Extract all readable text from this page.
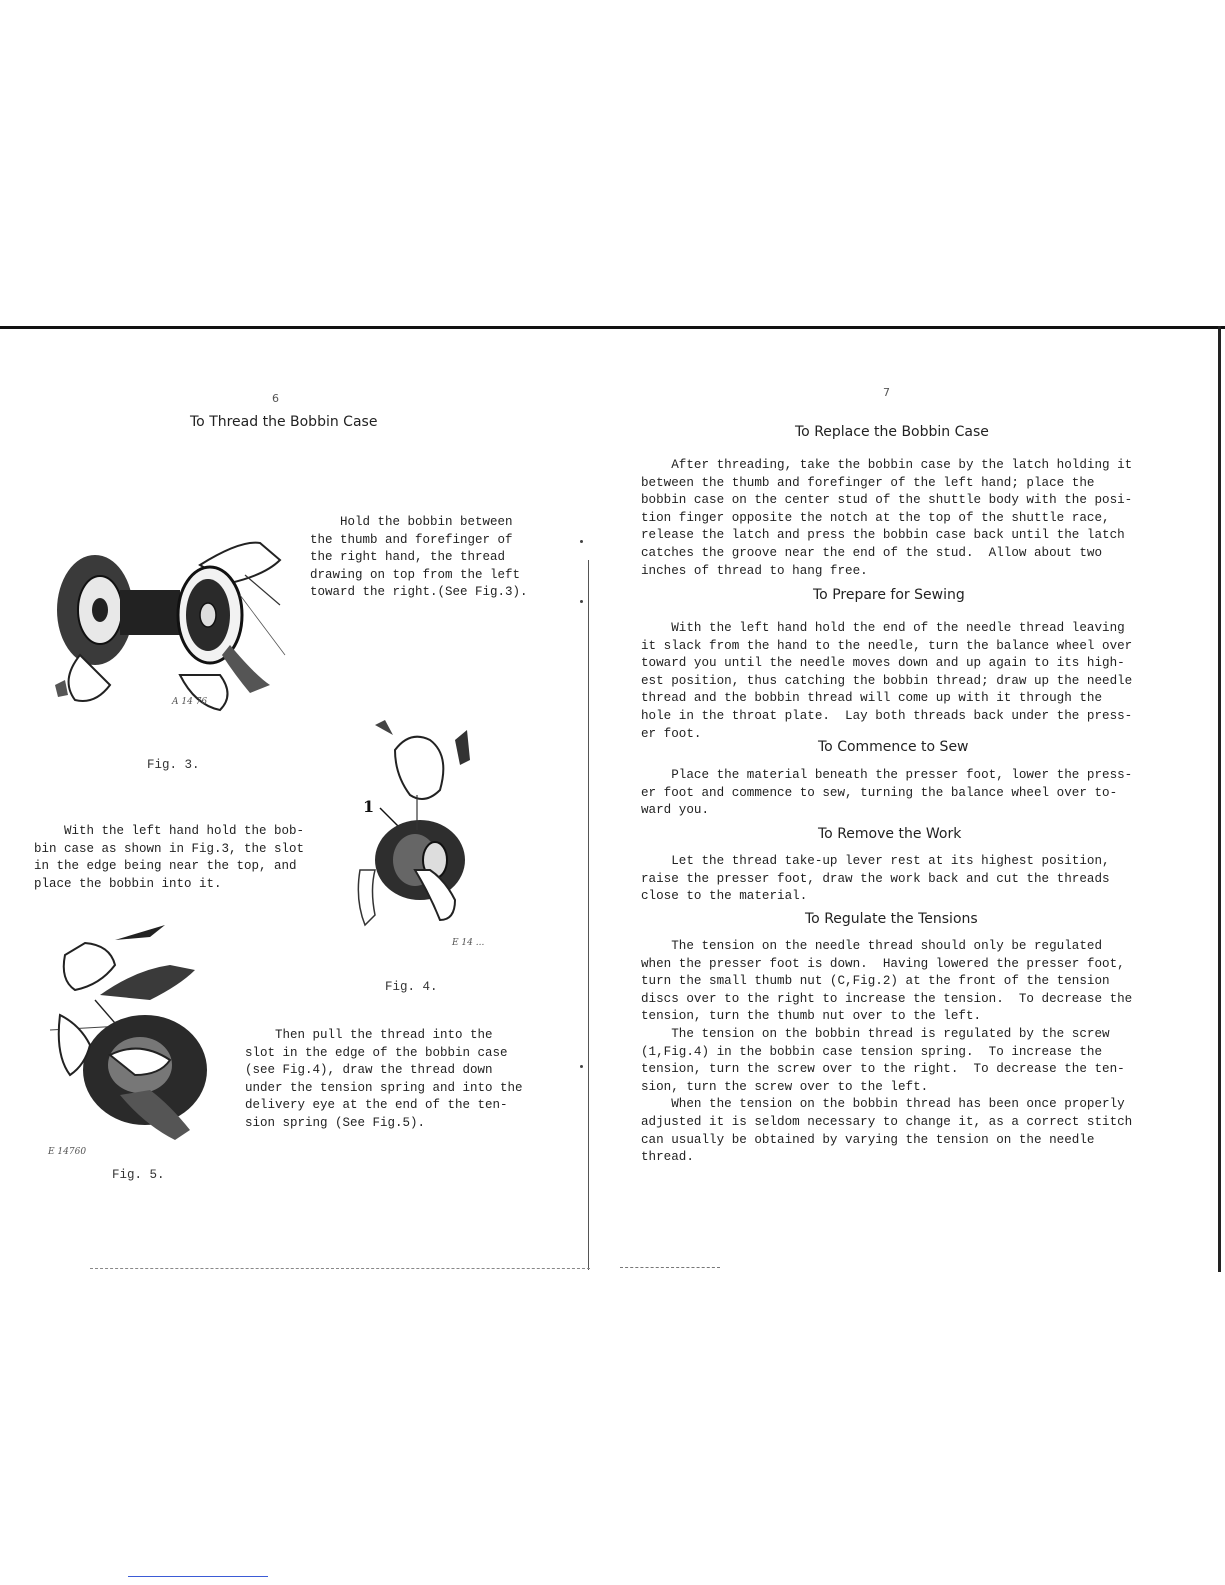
6
To Thread the Bobbin Case
Hold the bobbin between
the thumb and forefinger of
the right hand, the thread
drawing on top from the left
toward the right.(See Fig.3).
A 14 76
Fig. 3.
With the left hand hold the bob-
bin case as shown in Fig.3, the slot
in the edge being near the top, and
place the bobbin into it.
1
E 14 ...
Fig. 4.
E 14760
Fig. 5.
Then pull the thread into the
slot in the edge of the bobbin case
(see Fig.4), draw the thread down
under the tension spring and into the
delivery eye at the end of the ten-
sion spring (See Fig.5).
7
To Replace the Bobbin Case
After threading, take the bobbin case by the latch holding it
between the thumb and forefinger of the left hand; place the
bobbin case on the center stud of the shuttle body with the posi-
tion finger opposite the notch at the top of the shuttle race,
release the latch and press the bobbin case back until the latch
catches the groove near the end of the stud.  Allow about two
inches of thread to hang free.
To Prepare for Sewing
With the left hand hold the end of the needle thread leaving
it slack from the hand to the needle, turn the balance wheel over
toward you until the needle moves down and up again to its high-
est position, thus catching the bobbin thread; draw up the needle
thread and the bobbin thread will come up with it through the
hole in the throat plate.  Lay both threads back under the press-
er foot.
To Commence to Sew
Place the material beneath the presser foot, lower the press-
er foot and commence to sew, turning the balance wheel over to-
ward you.
To Remove the Work
Let the thread take-up lever rest at its highest position,
raise the presser foot, draw the work back and cut the threads
close to the material.
To Regulate the Tensions
The tension on the needle thread should only be regulated
when the presser foot is down.  Having lowered the presser foot,
turn the small thumb nut (C,Fig.2) at the front of the tension
discs over to the right to increase the tension.  To decrease the
tension, turn the thumb nut over to the left.
The tension on the bobbin thread is regulated by the screw
(1,Fig.4) in the bobbin case tension spring.  To increase the
tension, turn the screw over to the right.  To decrease the ten-
sion, turn the screw over to the left.
When the tension on the bobbin thread has been once properly
adjusted it is seldom necessary to change it, as a correct stitch
can usually be obtained by varying the tension on the needle
thread.
